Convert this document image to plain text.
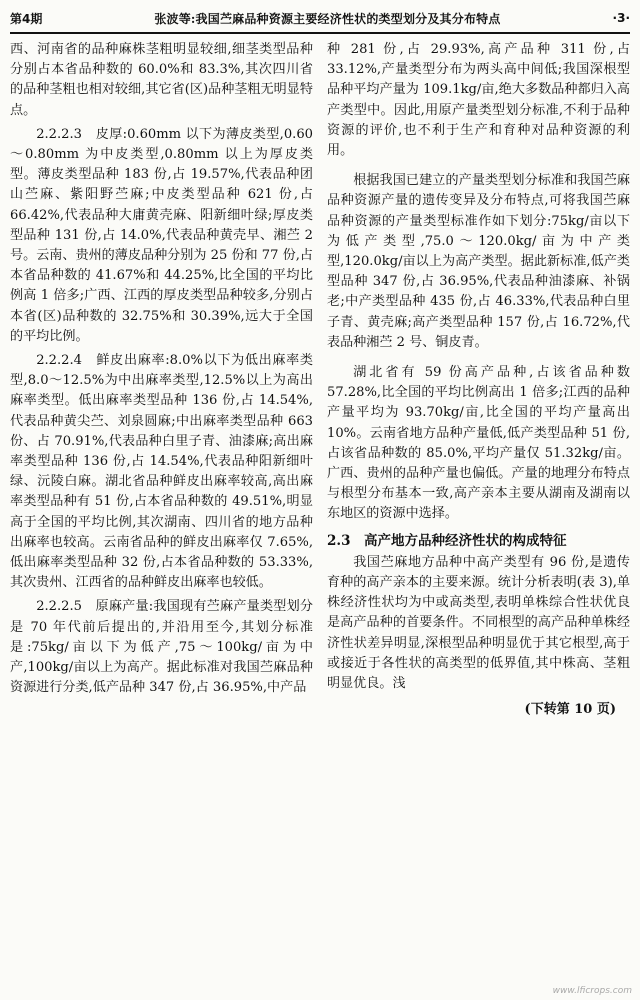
第4期	张波等:我国苎麻品种资源主要经济性状的类型划分及其分布特点	·3·

西、河南省的品种麻株茎粗明显较细,细茎类型品种分别占本省品种数的 60.0%和 83.3%,其次四川省的品种茎粗也相对较细,其它省(区)品种茎粗无明显特点。

2.2.2.3　皮厚:0.60mm 以下为薄皮类型,0.60～0.80mm 为中皮类型,0.80mm 以上为厚皮类型。薄皮类型品种 183 份,占 19.57%,代表品种团山苎麻、紫阳野苎麻;中皮类型品种 621 份,占 66.42%,代表品种大庸黄壳麻、阳新细叶绿;厚皮类型品种 131 份,占 14.0%,代表品种黄壳早、湘苎 2 号。云南、贵州的薄皮品种分别为 25 份和 77 份,占本省品种数的 41.67%和 44.25%,比全国的平均比例高 1 倍多;广西、江西的厚皮类型品种较多,分别占本省(区)品种数的 32.75%和 30.39%,远大于全国的平均比例。

2.2.2.4　鲜皮出麻率:8.0%以下为低出麻率类型,8.0～12.5%为中出麻率类型,12.5%以上为高出麻率类型。低出麻率类型品种 136 份,占 14.54%,代表品种黄尖苎、刘泉圆麻;中出麻率类型品种 663 份、占 70.91%,代表品种白里子青、油漆麻;高出麻率类型品种 136 份,占 14.54%,代表品种阳新细叶绿、沅陵白麻。湖北省品种鲜皮出麻率较高,高出麻率类型品种有 51 份,占本省品种数的 49.51%,明显高于全国的平均比例,其次湖南、四川省的地方品种出麻率也较高。云南省品种的鲜皮出麻率仅 7.65%,低出麻率类型品种 32 份,占本省品种数的 53.33%,其次贵州、江西省的品种鲜皮出麻率也较低。

2.2.2.5　原麻产量:我国现有苎麻产量类型划分是 70 年代前后提出的,并沿用至今,其划分标准是:75kg/亩以下为低产,75～100kg/亩为中产,100kg/亩以上为高产。据此标准对我国苎麻品种资源进行分类,低产品种 347 份,占 36.95%,中产品

种 281 份,占 29.93%,高产品种 311 份,占 33.12%,产量类型分布为两头高中间低;我国深根型品种平均产量为 109.1kg/亩,绝大多数品种都归入高产类型中。因此,用原产量类型划分标准,不利于品种资源的评价,也不利于生产和育种对品种资源的利用。

根据我国已建立的产量类型划分标准和我国苎麻品种资源产量的遗传变异及分布特点,可将我国苎麻品种资源的产量类型标准作如下划分:75kg/亩以下为低产类型,75.0～120.0kg/亩为中产类型,120.0kg/亩以上为高产类型。据此新标准,低产类型品种 347 份,占 36.95%,代表品种油漆麻、补锅老;中产类型品种 435 份,占 46.33%,代表品种白里子青、黄壳麻;高产类型品种 157 份,占 16.72%,代表品种湘苎 2 号、铜皮青。

湖北省有 59 份高产品种,占该省品种数 57.28%,比全国的平均比例高出 1 倍多;江西的品种产量平均为 93.70kg/亩,比全国的平均产量高出 10%。云南省地方品种产量低,低产类型品种 51 份,占该省品种数的 85.0%,平均产量仅 51.32kg/亩。广西、贵州的品种产量也偏低。产量的地理分布特点与根型分布基本一致,高产亲本主要从湖南及湖南以东地区的资源中选择。

2.3　高产地方品种经济性状的构成特征

我国苎麻地方品种中高产类型有 96 份,是遗传育种的高产亲本的主要来源。统计分析表明(表 3),单株经济性状均为中或高类型,表明单株综合性状优良是高产品种的首要条件。不同根型的高产品种单株经济性状差异明显,深根型品种明显优于其它根型,高于或接近于各性状的高类型的低界值,其中株高、茎粗明显优良。浅

(下转第 10 页)
www.lficrops.com
